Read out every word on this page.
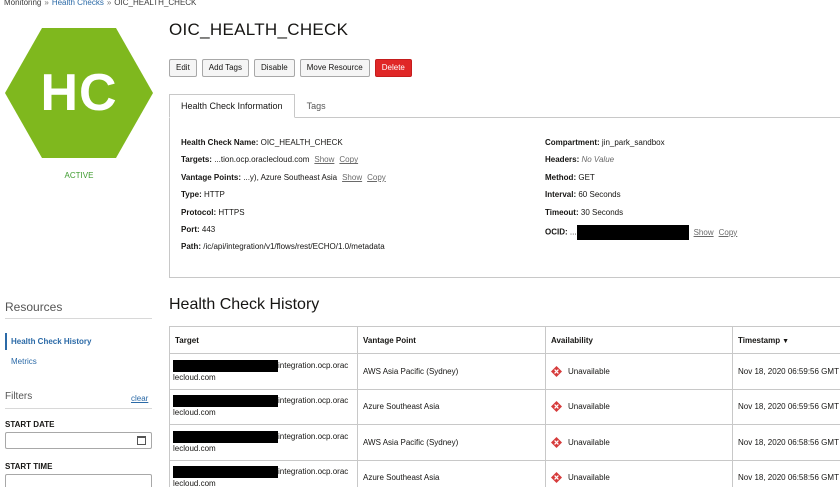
Monitoring » Health Checks » OIC_HEALTH_CHECK
HC
ACTIVE
OIC_HEALTH_CHECK
Edit	Add Tags	Disable	Move Resource	Delete
Health Check Information	Tags
Health Check Name: OIC_HEALTH_CHECK
Targets: ...tion.ocp.oraclecloud.com Show Copy
Vantage Points: ...y), Azure Southeast Asia Show Copy
Type: HTTP
Protocol: HTTPS
Port: 443
Path: /ic/api/integration/v1/flows/rest/ECHO/1.0/metadata
Compartment: jin_park_sandbox
Headers: No Value
Method: GET
Interval: 60 Seconds
Timeout: 30 Seconds
OCID: ...	Show Copy
Resources
Health Check History
Metrics
Filters	clear
START DATE
START TIME
Health Check History
Target	Vantage Point	Availability	Timestamp ▼
integration.ocp.orac
lecloud.com	AWS Asia Pacific (Sydney)	Unavailable	Nov 18, 2020 06:59:56 GMT
integration.ocp.orac
lecloud.com	Azure Southeast Asia	Unavailable	Nov 18, 2020 06:59:56 GMT
integration.ocp.orac
lecloud.com	AWS Asia Pacific (Sydney)	Unavailable	Nov 18, 2020 06:58:56 GMT
integration.ocp.orac
lecloud.com	Azure Southeast Asia	Unavailable	Nov 18, 2020 06:58:56 GMT
